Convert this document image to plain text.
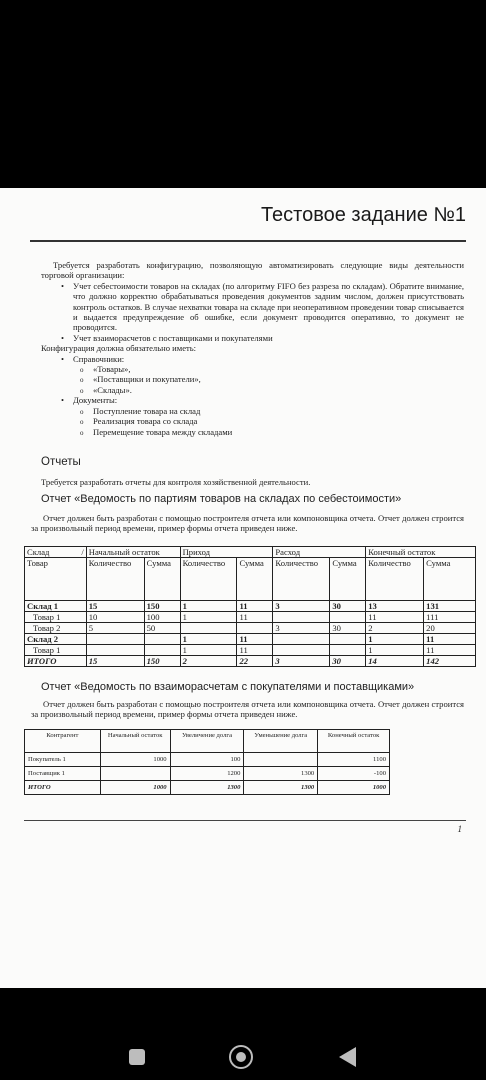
Тестовое задание №1

Требуется разработать конфигурацию, позволяющую автоматизировать следующие виды деятельности торговой организации:

• Учет себестоимости товаров на складах (по алгоритму FIFO без разреза по складам). Обратите внимание, что должно корректно обрабатываться проведения документов задним числом, должен присутствовать контроль остатков. В случае нехватки товара на складе при неоперативном проведении товар списывается и выдается предупреждение об ошибке, если документ проводится оперативно, то документ не проводится.
• Учет взаиморасчетов с поставщиками и покупателями

Конфигурация должна обязательно иметь:

• Справочники:
o «Товары»,
o «Поставщики и покупатели»,
o «Склады».
• Документы:
o Поступление товара на склад
o Реализация товара со склада
o Перемещение товара между складами
Отчеты
Требуется разработать отчеты для контроля хозяйственной деятельности.
Отчет «Ведомость по партиям товаров на складах по себестоимости»
Отчет должен быть разработан с помощью построителя отчета или компоновщика отчета. Отчет должен строится за произвольный период времени, пример формы отчета приведен ниже.
Склад /	Начальный остаток		Приход		Расход		Конечный остаток	
Товар	Количество	Сумма	Количество	Сумма	Количество	Сумма	Количество	Сумма
Склад 1	15	150	1	11	3	30	13	131
Товар 1	10	100	1	11			11	111
Товар 2	5	50			3	30	2	20
Склад 2			1	11			1	11
Товар 1			1	11			1	11
ИТОГО	15	150	2	22	3	30	14	142
Отчет «Ведомость по взаиморасчетам с покупателями и поставщиками»
Отчет должен быть разработан с помощью построителя отчета или компоновщика отчета. Отчет должен строится за произвольный период времени, пример формы отчета приведен ниже.
Контрагент	Начальный остаток	Увеличение долга	Уменьшение долга	Конечный остаток
Покупатель 1	1000	100		1100
Поставщик 1		1200	1300	-100
ИТОГО	1000	1300	1300	1000
1
